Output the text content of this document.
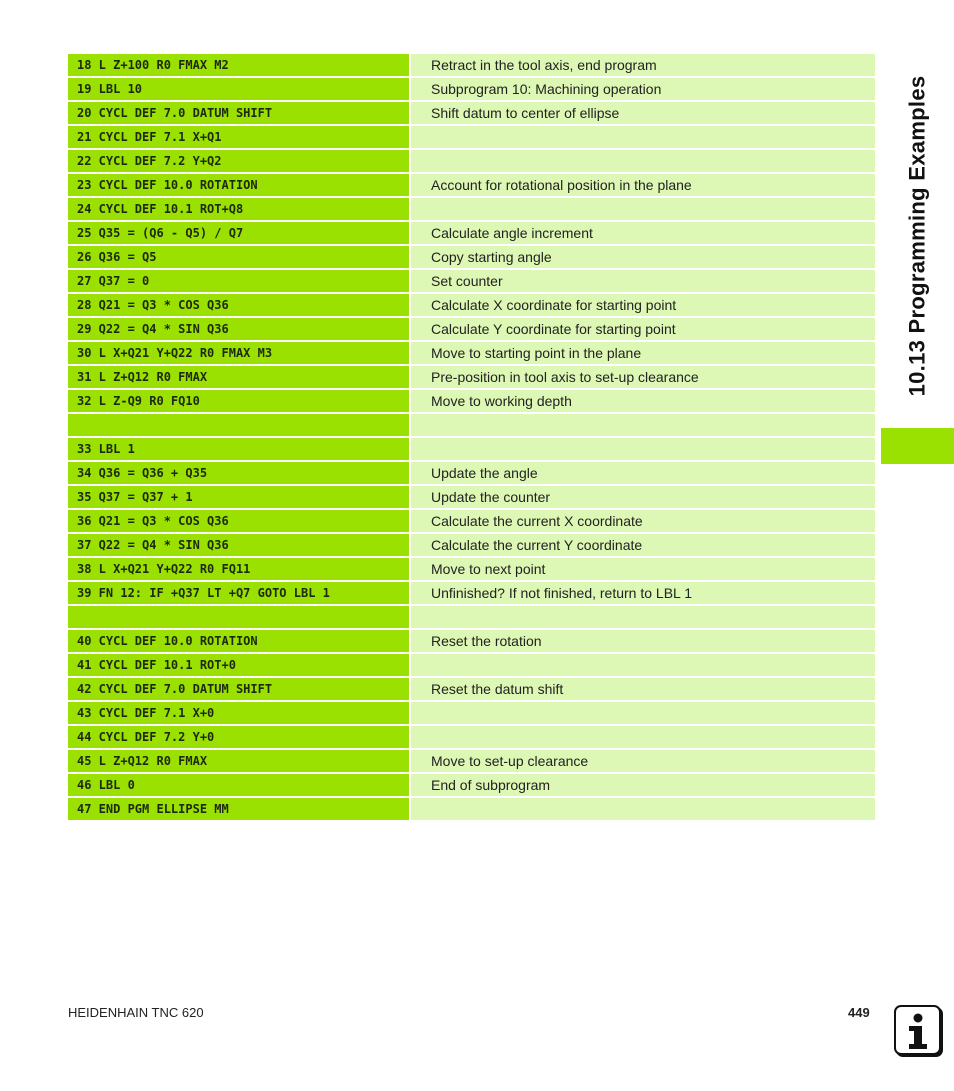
18 L Z+100 R0 FMAX M2	Retract in the tool axis, end program
19 LBL 10	Subprogram 10: Machining operation
20 CYCL DEF 7.0 DATUM SHIFT	Shift datum to center of ellipse
21 CYCL DEF 7.1 X+Q1
22 CYCL DEF 7.2 Y+Q2
23 CYCL DEF 10.0 ROTATION	Account for rotational position in the plane
24 CYCL DEF 10.1 ROT+Q8
25 Q35 = (Q6 - Q5) / Q7	Calculate angle increment
26 Q36 = Q5	Copy starting angle
27 Q37 = 0	Set counter
28 Q21 = Q3 * COS Q36	Calculate X coordinate for starting point
29 Q22 = Q4 * SIN Q36	Calculate Y coordinate for starting point
30 L X+Q21 Y+Q22 R0 FMAX M3	Move to starting point in the plane
31 L Z+Q12 R0 FMAX	Pre-position in tool axis to set-up clearance
32 L Z-Q9 R0 FQ10	Move to working depth
33 LBL 1
34 Q36 = Q36 + Q35	Update the angle
35 Q37 = Q37 + 1	Update the counter
36 Q21 = Q3 * COS Q36	Calculate the current X coordinate
37 Q22 = Q4 * SIN Q36	Calculate the current Y coordinate
38 L X+Q21 Y+Q22 R0 FQ11	Move to next point
39 FN 12: IF +Q37 LT +Q7 GOTO LBL 1	Unfinished? If not finished, return to LBL 1
40 CYCL DEF 10.0 ROTATION	Reset the rotation
41 CYCL DEF 10.1 ROT+0
42 CYCL DEF 7.0 DATUM SHIFT	Reset the datum shift
43 CYCL DEF 7.1 X+0
44 CYCL DEF 7.2 Y+0
45 L Z+Q12 R0 FMAX	Move to set-up clearance
46 LBL 0	End of subprogram
47 END PGM ELLIPSE MM
10.13 Programming Examples
HEIDENHAIN TNC 620	449
